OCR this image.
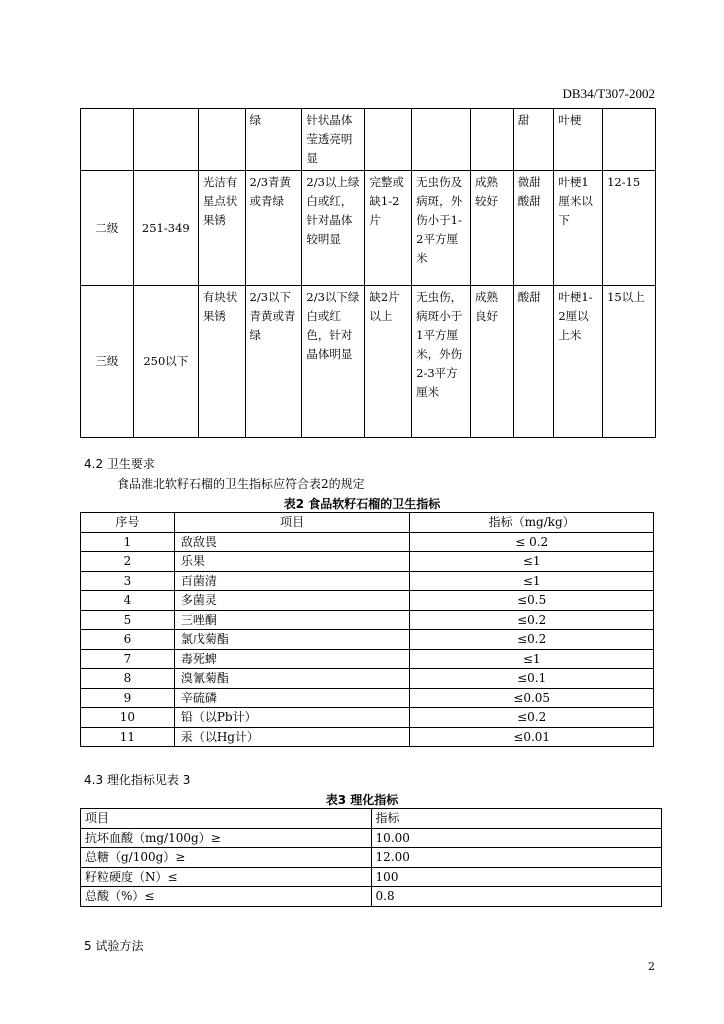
DB34/T307-2002
			绿	针状晶体莹透亮明显				甜	叶梗	
二级	251-349	光洁有星点状果锈	2/3青黄或青绿	2/3以上绿白或红，针对晶体较明显	完整或缺1-2片	无虫伤及病斑，外伤小于1-2平方厘米	成熟较好	微甜酸甜	叶梗1厘米以下	12-15
三级	250以下	有块状果锈	2/3以下青黄或青绿	2/3以下绿白或红色，针对晶体明显	缺2片以上	无虫伤，病斑小于1平方厘米，外伤2-3平方厘米	成熟良好	酸甜	叶梗1-2厘以上米	15以上
4.2 卫生要求
食品淮北软籽石榴的卫生指标应符合表2的规定
表2 食品软籽石榴的卫生指标
序号	项目	指标（mg/kg）
1	敌敌畏	≤ 0.2
2	乐果	≤1
3	百菌清	≤1
4	多菌灵	≤0.5
5	三唑酮	≤0.2
6	氯戊菊酯	≤0.2
7	毒死蜱	≤1
8	溴氰菊酯	≤0.1
9	辛硫磷	≤0.05
10	铅（以Pb计）	≤0.2
11	汞（以Hg计）	≤0.01
4.3 理化指标见表 3
表3 理化指标
项目	指标
抗坏血酸（mg/100g）≥	10.00
总糖（g/100g）≥	12.00
籽粒硬度（N）≤	100
总酸（%）≤	0.8
5 试验方法
2
